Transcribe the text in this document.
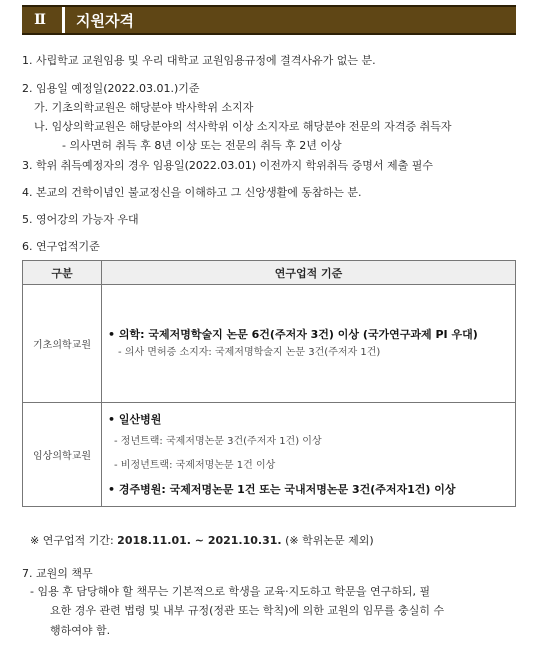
Ⅱ	지원자격
1. 사립학교 교원임용 및 우리 대학교 교원임용규정에 결격사유가 없는 분.
2. 임용일 예정일(2022.03.01.)기준
가. 기초의학교원은 해당분야 박사학위 소지자
나. 임상의학교원은 해당분야의 석사학위 이상 소지자로 해당분야 전문의 자격증 취득자
- 의사면허 취득 후 8년 이상 또는 전문의 취득 후 2년 이상
3. 학위 취득예정자의 경우 임용일(2022.03.01) 이전까지 학위취득 증명서 제출 필수
4. 본교의 건학이념인 불교정신을 이해하고 그 신앙생활에 동참하는 분.
5. 영어강의 가능자 우대
6. 연구업적기준
구분	연구업적 기준
기초의학교원	• 의학: 국제저명학술지 논문 6건(주저자 3건) 이상 (국가연구과제 PI 우대)
- 의사 면허증 소지자: 국제저명학술지 논문 3건(주저자 1건)

임상의학교원	• 일산병원
- 정년트랙: 국제저명논문 3건(주저자 1건) 이상
- 비정년트랙: 국제저명논문 1건 이상
• 경주병원: 국제저명논문 1건 또는 국내저명논문 3건(주저자1건) 이상
※ 연구업적 기간: 2018.11.01. ~ 2021.10.31. (※ 학위논문 제외)
7. 교원의 책무
- 임용 후 담당해야 할 책무는 기본적으로 학생을 교육·지도하고 학문을 연구하되, 필
요한 경우 관련 법령 및 내부 규정(정관 또는 학칙)에 의한 교원의 임무를 충실히 수
행하여야 함.
